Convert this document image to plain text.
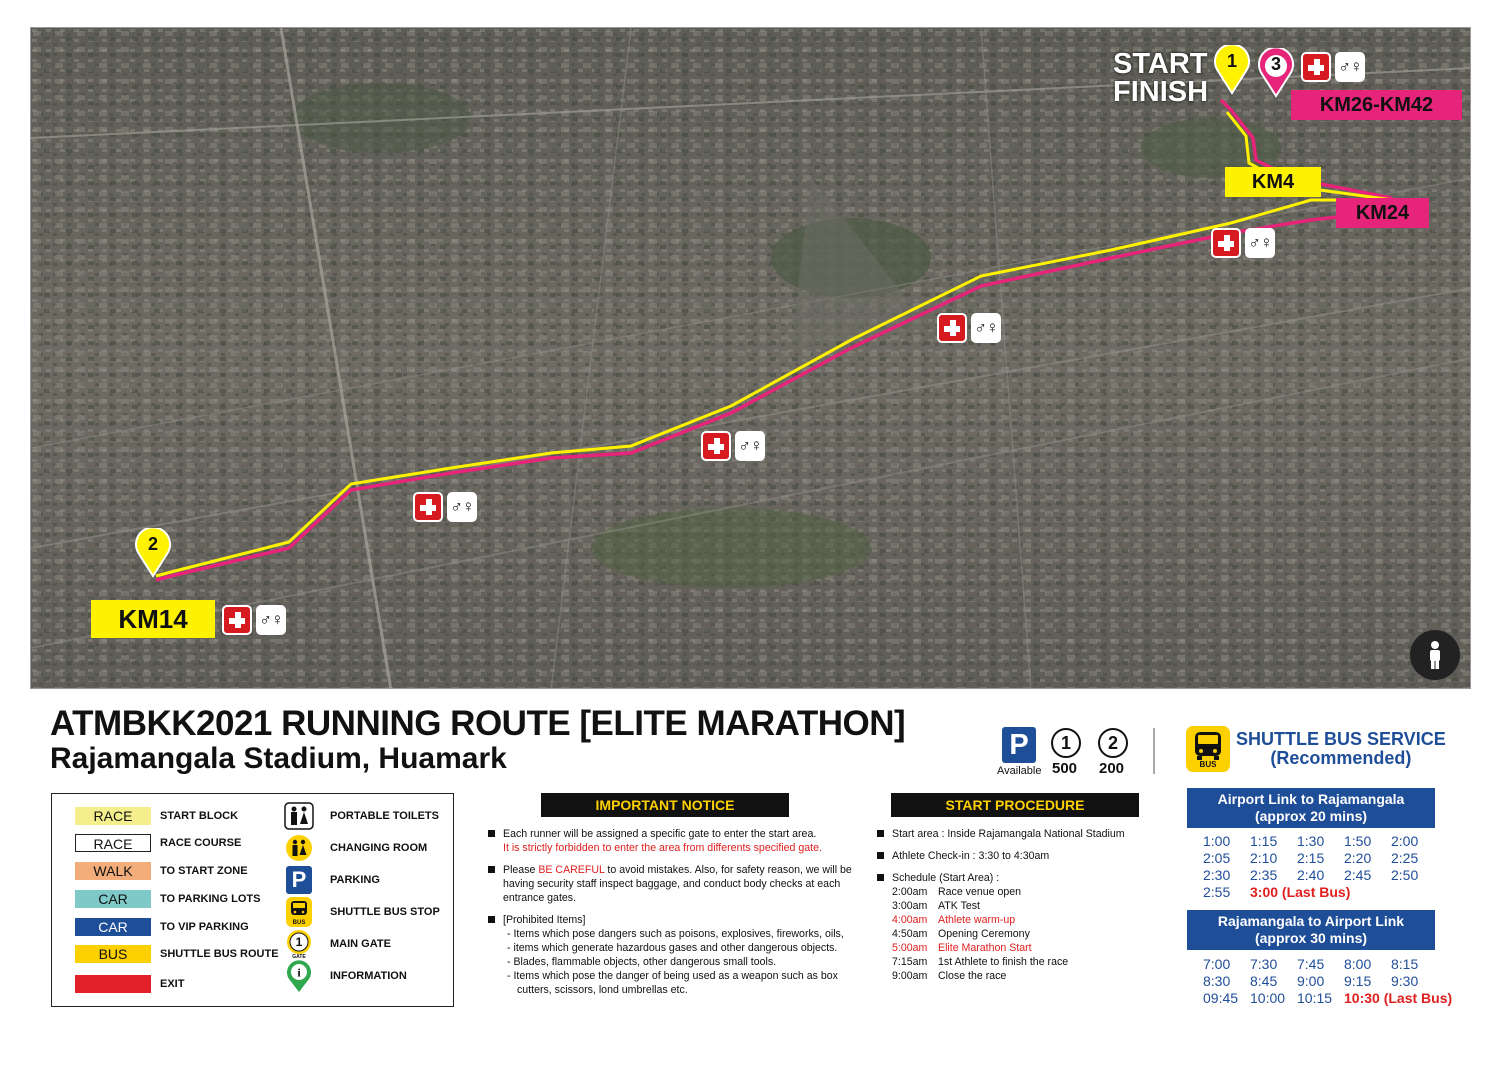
START
FINISH
1	3
2
♂♀
♂♀
♂♀
♂♀
♂♀
♂♀
KM26-KM42
KM4
KM24
KM14
ATMBKK2021 RUNNING ROUTE [ELITE MARATHON]
Rajamangala Stadium, Huamark	P
Available
1
500
2
200
RACE	START BLOCK
RACE	RACE COURSE
WALK	TO START ZONE
CAR	TO PARKING LOTS
CAR	TO VIP PARKING
BUS	SHUTTLE BUS ROUTE
EXIT
PORTABLE TOILETS
CHANGING ROOM
P	PARKING
BUS
SHUTTLE BUS STOP
1
GATE
MAIN GATE
i	INFORMATION
IMPORTANT NOTICE
Each runner will be assigned a specific gate to enter the start area.
It is strictly forbidden to enter the area from differents specified gate.
Please BE CAREFUL to avoid mistakes. Also, for safety reason, we will be having security staff inspect baggage, and conduct body checks at each entrance gates.
[Prohibited Items]
- Items which pose dangers such as poisons, explosives, fireworks, oils,
- items which generate hazardous gases and other dangerous objects.
- Blades, flammable objects, other dangerous small tools.
- Items which pose the danger of being used as a weapon such as box cutters, scissors, lond umbrellas etc.
START PROCEDURE
Start area : Inside Rajamangala National Stadium
Athlete Check-in : 3:30 to 4:30am
Schedule (Start Area) :
2:00am	Race venue open
3:00am	ATK Test
4:00am	Athlete warm-up
4:50am	Opening Ceremony
5:00am	Elite Marathon Start
7:15am	1st Athlete to finish the race
9:00am	Close the race
BUS
SHUTTLE BUS SERVICE
(Recommended)
Airport Link to Rajamangala
(approx 20 mins)
1:00	1:15	1:30	1:50	2:00
2:05	2:10	2:15	2:20	2:25
2:30	2:35	2:40	2:45	2:50
2:55	3:00 (Last Bus)
Rajamangala to Airport Link
(approx 30 mins)
7:00	7:30	7:45	8:00	8:15
8:30	8:45	9:00	9:15	9:30
09:45 10:00 10:15 10:30 (Last Bus)
